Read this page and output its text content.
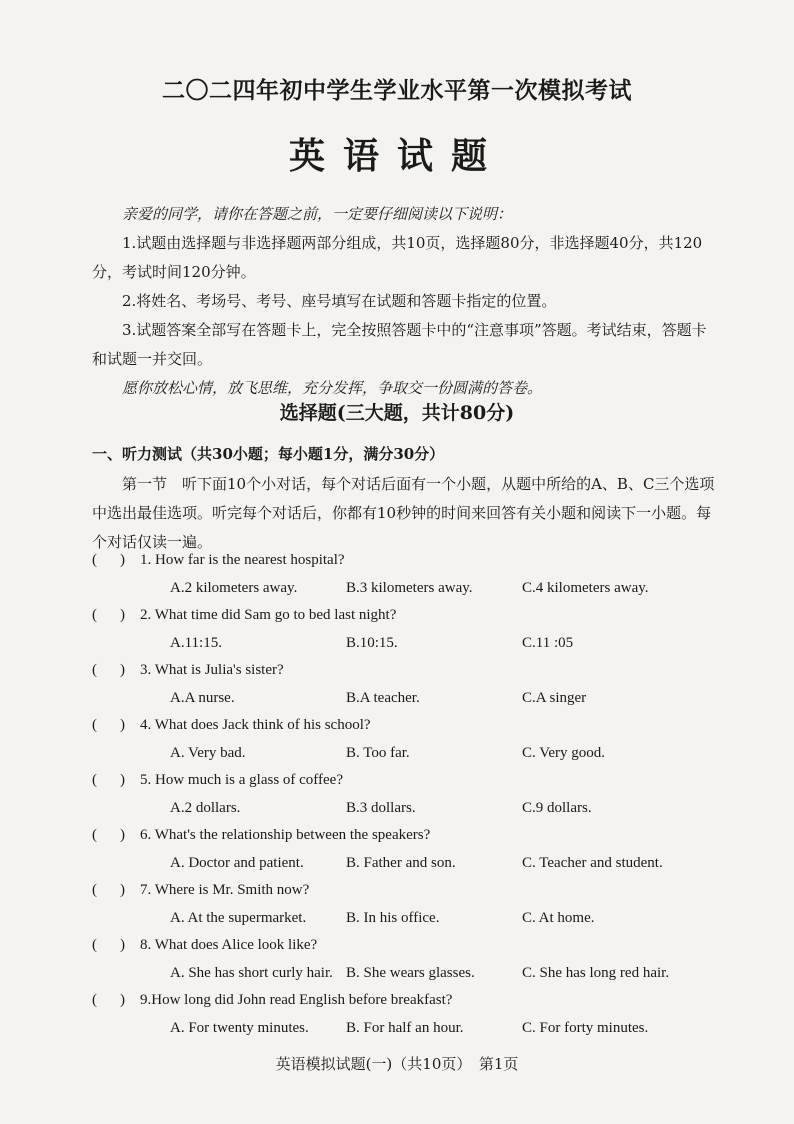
二〇二四年初中学生学业水平第一次模拟考试
英语试题

亲爱的同学，请你在答题之前，一定要仔细阅读以下说明：

1.试题由选择题与非选择题两部分组成，共10页，选择题80分，非选择题40分，共120分，考试时间120分钟。

2.将姓名、考场号、考号、座号填写在试题和答题卡指定的位置。

3.试题答案全部写在答题卡上，完全按照答题卡中的“注意事项”答题。考试结束，答题卡和试题一并交回。

愿你放松心情，放飞思维，充分发挥，争取交一份圆满的答卷。

选择题(三大题，共计80分)
一、听力测试（共30小题；每小题1分，满分30分）

第一节　听下面10个小对话，每个对话后面有一个小题，从题中所给的A、B、C三个选项中选出最佳选项。听完每个对话后，你都有10秒钟的时间来回答有关小题和阅读下一小题。每个对话仅读一遍。

( ) 1. How far is the nearest hospital?
A.2 kilometers away.	B.3 kilometers away.	C.4 kilometers away.
( ) 2. What time did Sam go to bed last night?
A.11:15.	B.10:15.	C.11 :05
( ) 3. What is Julia's sister?
A.A nurse.	B.A teacher.	C.A singer
( ) 4. What does Jack think of his school?
A. Very bad.	B. Too far.	C. Very good.
( ) 5. How much is a glass of coffee?
A.2 dollars.	B.3 dollars.	C.9 dollars.
( ) 6. What's the relationship between the speakers?
A. Doctor and patient.	B. Father and son.	C. Teacher and student.
( ) 7. Where is Mr. Smith now?
A. At the supermarket.	B. In his office.	C. At home.
( ) 8. What does Alice look like?
A. She has short curly hair. B. She wears glasses.	C. She has long red hair.
( ) 9.How long did John read English before breakfast?
A. For twenty minutes. B. For half an hour.	C. For forty minutes.
英语模拟试题(一)（共10页）　第1页
